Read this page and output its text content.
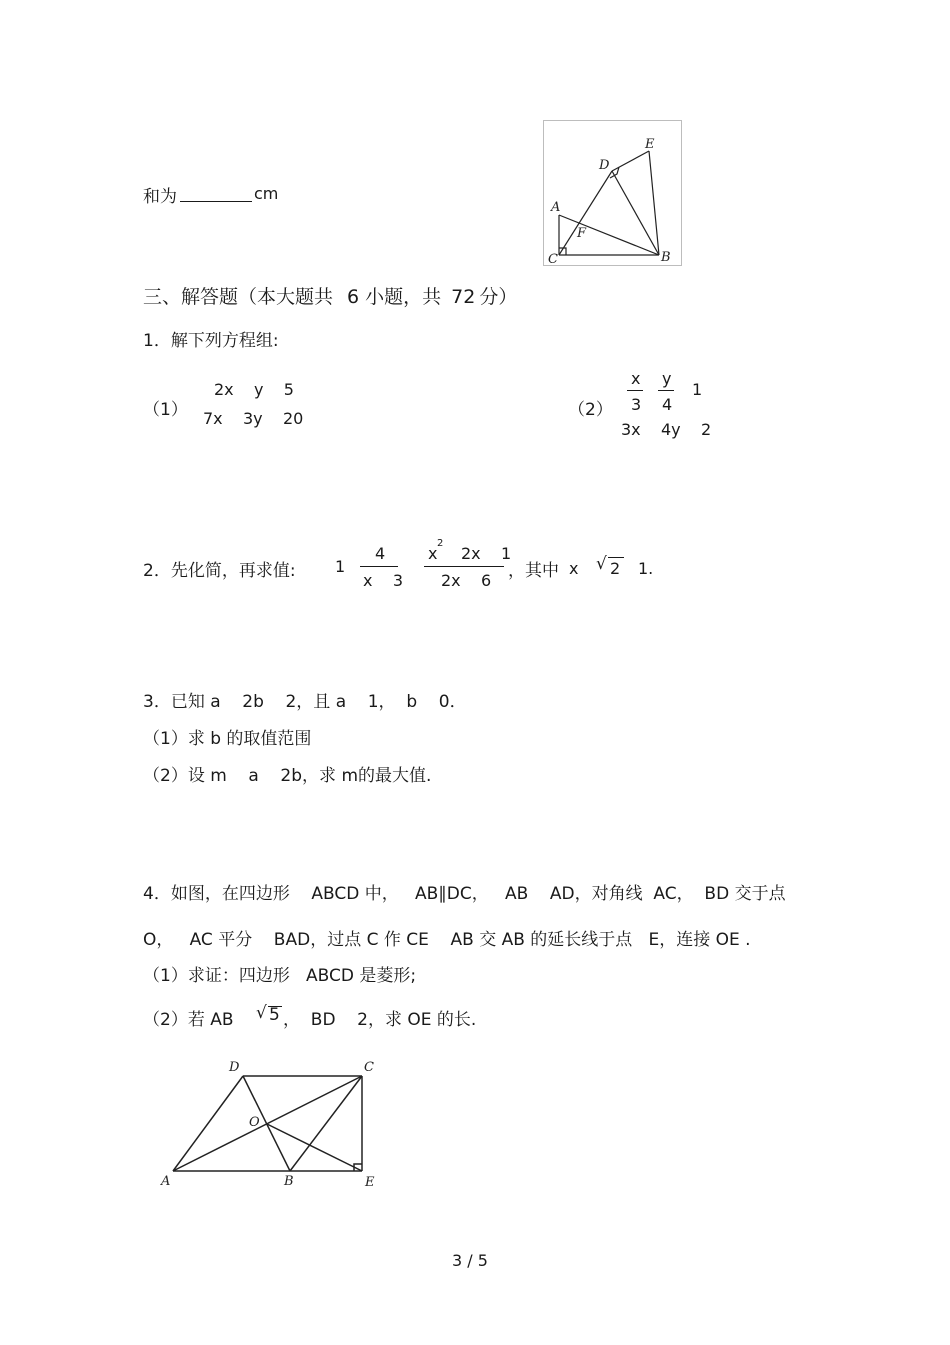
和为	cm
A
C	B
D
E
F
三、解答题（本大题共 6 小题，共 72 分）
1．解下列方程组:
（1）
2x    y    5
7x    3y    20	（2）
x
3
y
4
1
3x    4y    2
2．先化简，再求值: 1
4
x    3
x
2
2x    1
2x    6 ，其中 x √ 2 1.
3．已知 a    2b    2，且 a    1，  b    0．
（1）求 b 的取值范围
（2）设 m    a    2b，求 m的最大值.
4．如图，在四边形    ABCD 中，   AB∥DC，   AB    AD，对角线  AC，  BD 交于点
O，   AC 平分    BAD，过点 C 作 CE    AB 交 AB 的延长线于点   E，连接 OE .
（1）求证：四边形   ABCD 是菱形;
（2）若 AB √ 5 ，  BD    2，求 OE 的长.
A	B
C
D
E
O
3 / 5
